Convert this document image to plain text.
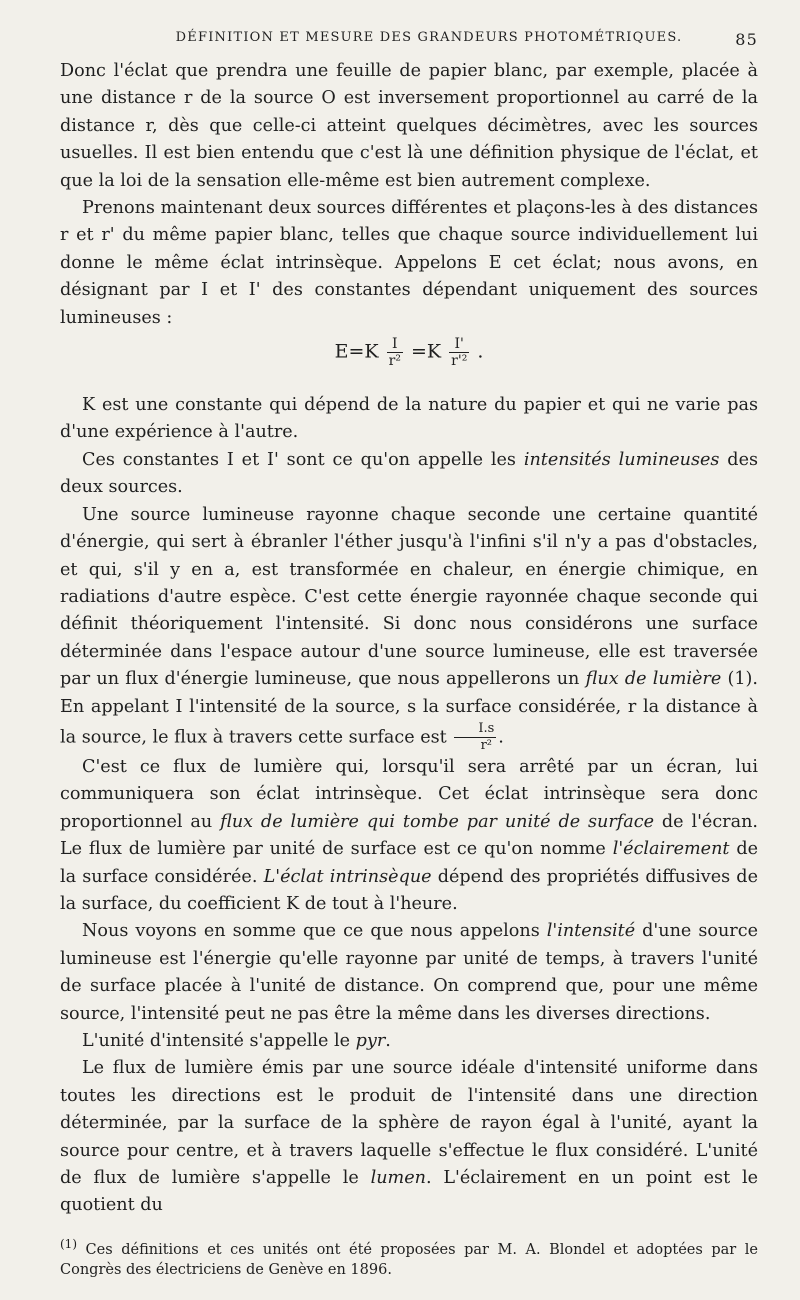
DÉFINITION ET MESURE DES GRANDEURS PHOTOMÉTRIQUES.	85

Donc l'éclat que prendra une feuille de papier blanc, par exemple, placée à une distance r de la source O est inversement proportionnel au carré de la distance r, dès que celle-ci atteint quelques décimètres, avec les sources usuelles. Il est bien entendu que c'est là une définition physique de l'éclat, et que la loi de la sensation elle-même est bien autrement complexe.

Prenons maintenant deux sources différentes et plaçons-les à des distances r et r' du même papier blanc, telles que chaque source individuellement lui donne le même éclat intrinsèque. Appelons E cet éclat; nous avons, en désignant par I et I' des constantes dépendant uniquement des sources lumineuses :

$E=K \frac{I}{\text{r²}} =K \frac{I'}{\text{r'²}}$ .

K est une constante qui dépend de la nature du papier et qui ne varie pas d'une expérience à l'autre.

Ces constantes I et I' sont ce qu'on appelle les intensités lumineuses des deux sources.

Une source lumineuse rayonne chaque seconde une certaine quantité d'énergie, qui sert à ébranler l'éther jusqu'à l'infini s'il n'y a pas d'obstacles, et qui, s'il y en a, est transformée en chaleur, en énergie chimique, en radiations d'autre espèce. C'est cette énergie rayonnée chaque seconde qui définit théoriquement l'intensité. Si donc nous considérons une surface déterminée dans l'espace autour d'une source lumineuse, elle est traversée par un flux d'énergie lumineuse, que nous appellerons un flux de lumière (1). En appelant I l'intensité de la source, s la surface considérée, r la distance à la source, le flux à travers cette surface est $\frac{I.s}{\text{r²}}$ .

C'est ce flux de lumière qui, lorsqu'il sera arrêté par un écran, lui communiquera son éclat intrinsèque. Cet éclat intrinsèque sera donc proportionnel au flux de lumière qui tombe par unité de surface de l'écran. Le flux de lumière par unité de surface est ce qu'on nomme l'éclairement de la surface considérée. L'éclat intrinsèque dépend des propriétés diffusives de la surface, du coefficient K de tout à l'heure.

Nous voyons en somme que ce que nous appelons l'intensité d'une source lumineuse est l'énergie qu'elle rayonne par unité de temps, à travers l'unité de surface placée à l'unité de distance. On comprend que, pour une même source, l'intensité peut ne pas être la même dans les diverses directions.

L'unité d'intensité s'appelle le pyr.

Le flux de lumière émis par une source idéale d'intensité uniforme dans toutes les directions est le produit de l'intensité dans une direction déterminée, par la surface de la sphère de rayon égal à l'unité, ayant la source pour centre, et à travers laquelle s'effectue le flux considéré. L'unité de flux de lumière s'appelle le lumen. L'éclairement en un point est le quotient du

$^{(1)}$ Ces définitions et ces unités ont été proposées par M. A. Blondel et adoptées par le Congrès des électriciens de Genève en 1896.
